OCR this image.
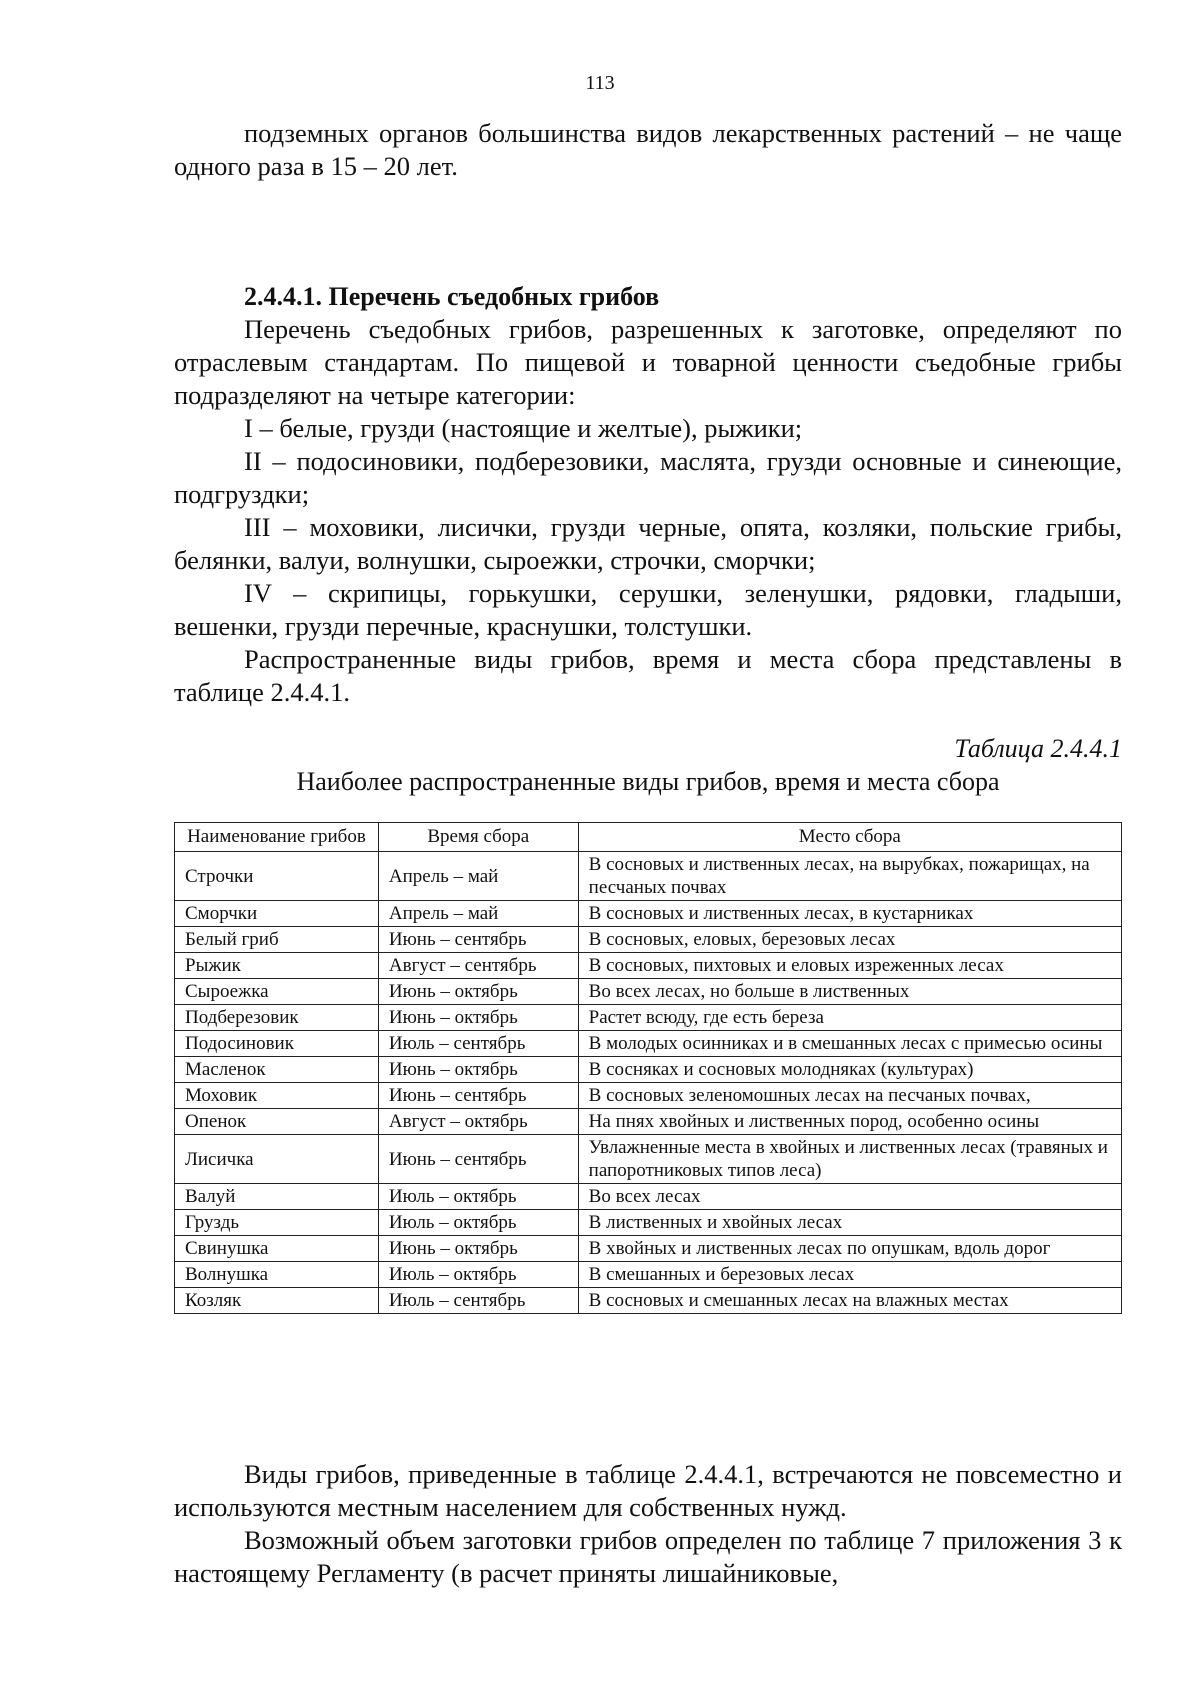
113

подземных органов большинства видов лекарственных растений – не чаще одного раза в 15 – 20 лет.

2.4.4.1. Перечень съедобных грибов

Перечень съедобных грибов, разрешенных к заготовке, определяют по отраслевым стандартам. По пищевой и товарной ценности съедобные грибы подразделяют на четыре категории:

I – белые, грузди (настоящие и желтые), рыжики;

II – подосиновики, подберезовики, маслята, грузди основные и синеющие, подгруздки;

III – моховики, лисички, грузди черные, опята, козляки, польские грибы, белянки, валуи, волнушки, сыроежки, строчки, сморчки;

IV – скрипицы, горькушки, серушки, зеленушки, рядовки, гладыши, вешенки, грузди перечные, краснушки, толстушки.

Распространенные виды грибов, время и места сбора представлены в таблице 2.4.4.1.

Таблица 2.4.4.1
Наиболее распространенные виды грибов, время и места сбора
Наименование грибов	Время сбора	Место сбора
Строчки	Апрель – май	В сосновых и лиственных лесах, на вырубках, пожарищах, на песчаных почвах
Сморчки	Апрель – май	В сосновых и лиственных лесах, в кустарниках
Белый гриб	Июнь – сентябрь	В сосновых, еловых, березовых лесах
Рыжик	Август – сентябрь	В сосновых, пихтовых и еловых изреженных лесах
Сыроежка	Июнь – октябрь	Во всех лесах, но больше в лиственных
Подберезовик	Июнь – октябрь	Растет всюду, где есть береза
Подосиновик	Июль – сентябрь	В молодых осинниках и в смешанных лесах с примесью осины
Масленок	Июнь – октябрь	В сосняках и сосновых молодняках (культурах)
Моховик	Июнь – сентябрь	В сосновых зеленомошных лесах на песчаных почвах,
Опенок	Август – октябрь	На пнях хвойных и лиственных пород, особенно осины
Лисичка	Июнь – сентябрь	Увлажненные места в хвойных и лиственных лесах (травяных и папоротниковых типов леса)
Валуй	Июль – октябрь	Во всех лесах
Груздь	Июль – октябрь	В лиственных и хвойных лесах
Свинушка	Июнь – октябрь	В хвойных и лиственных лесах по опушкам, вдоль дорог
Волнушка	Июль – октябрь	В смешанных и березовых лесах
Козляк	Июль – сентябрь	В сосновых и смешанных лесах на влажных местах

Виды грибов, приведенные в таблице 2.4.4.1, встречаются не повсеместно и используются местным населением для собственных нужд.

Возможный объем заготовки грибов определен по таблице 7 приложения 3 к настоящему Регламенту (в расчет приняты лишайниковые,
